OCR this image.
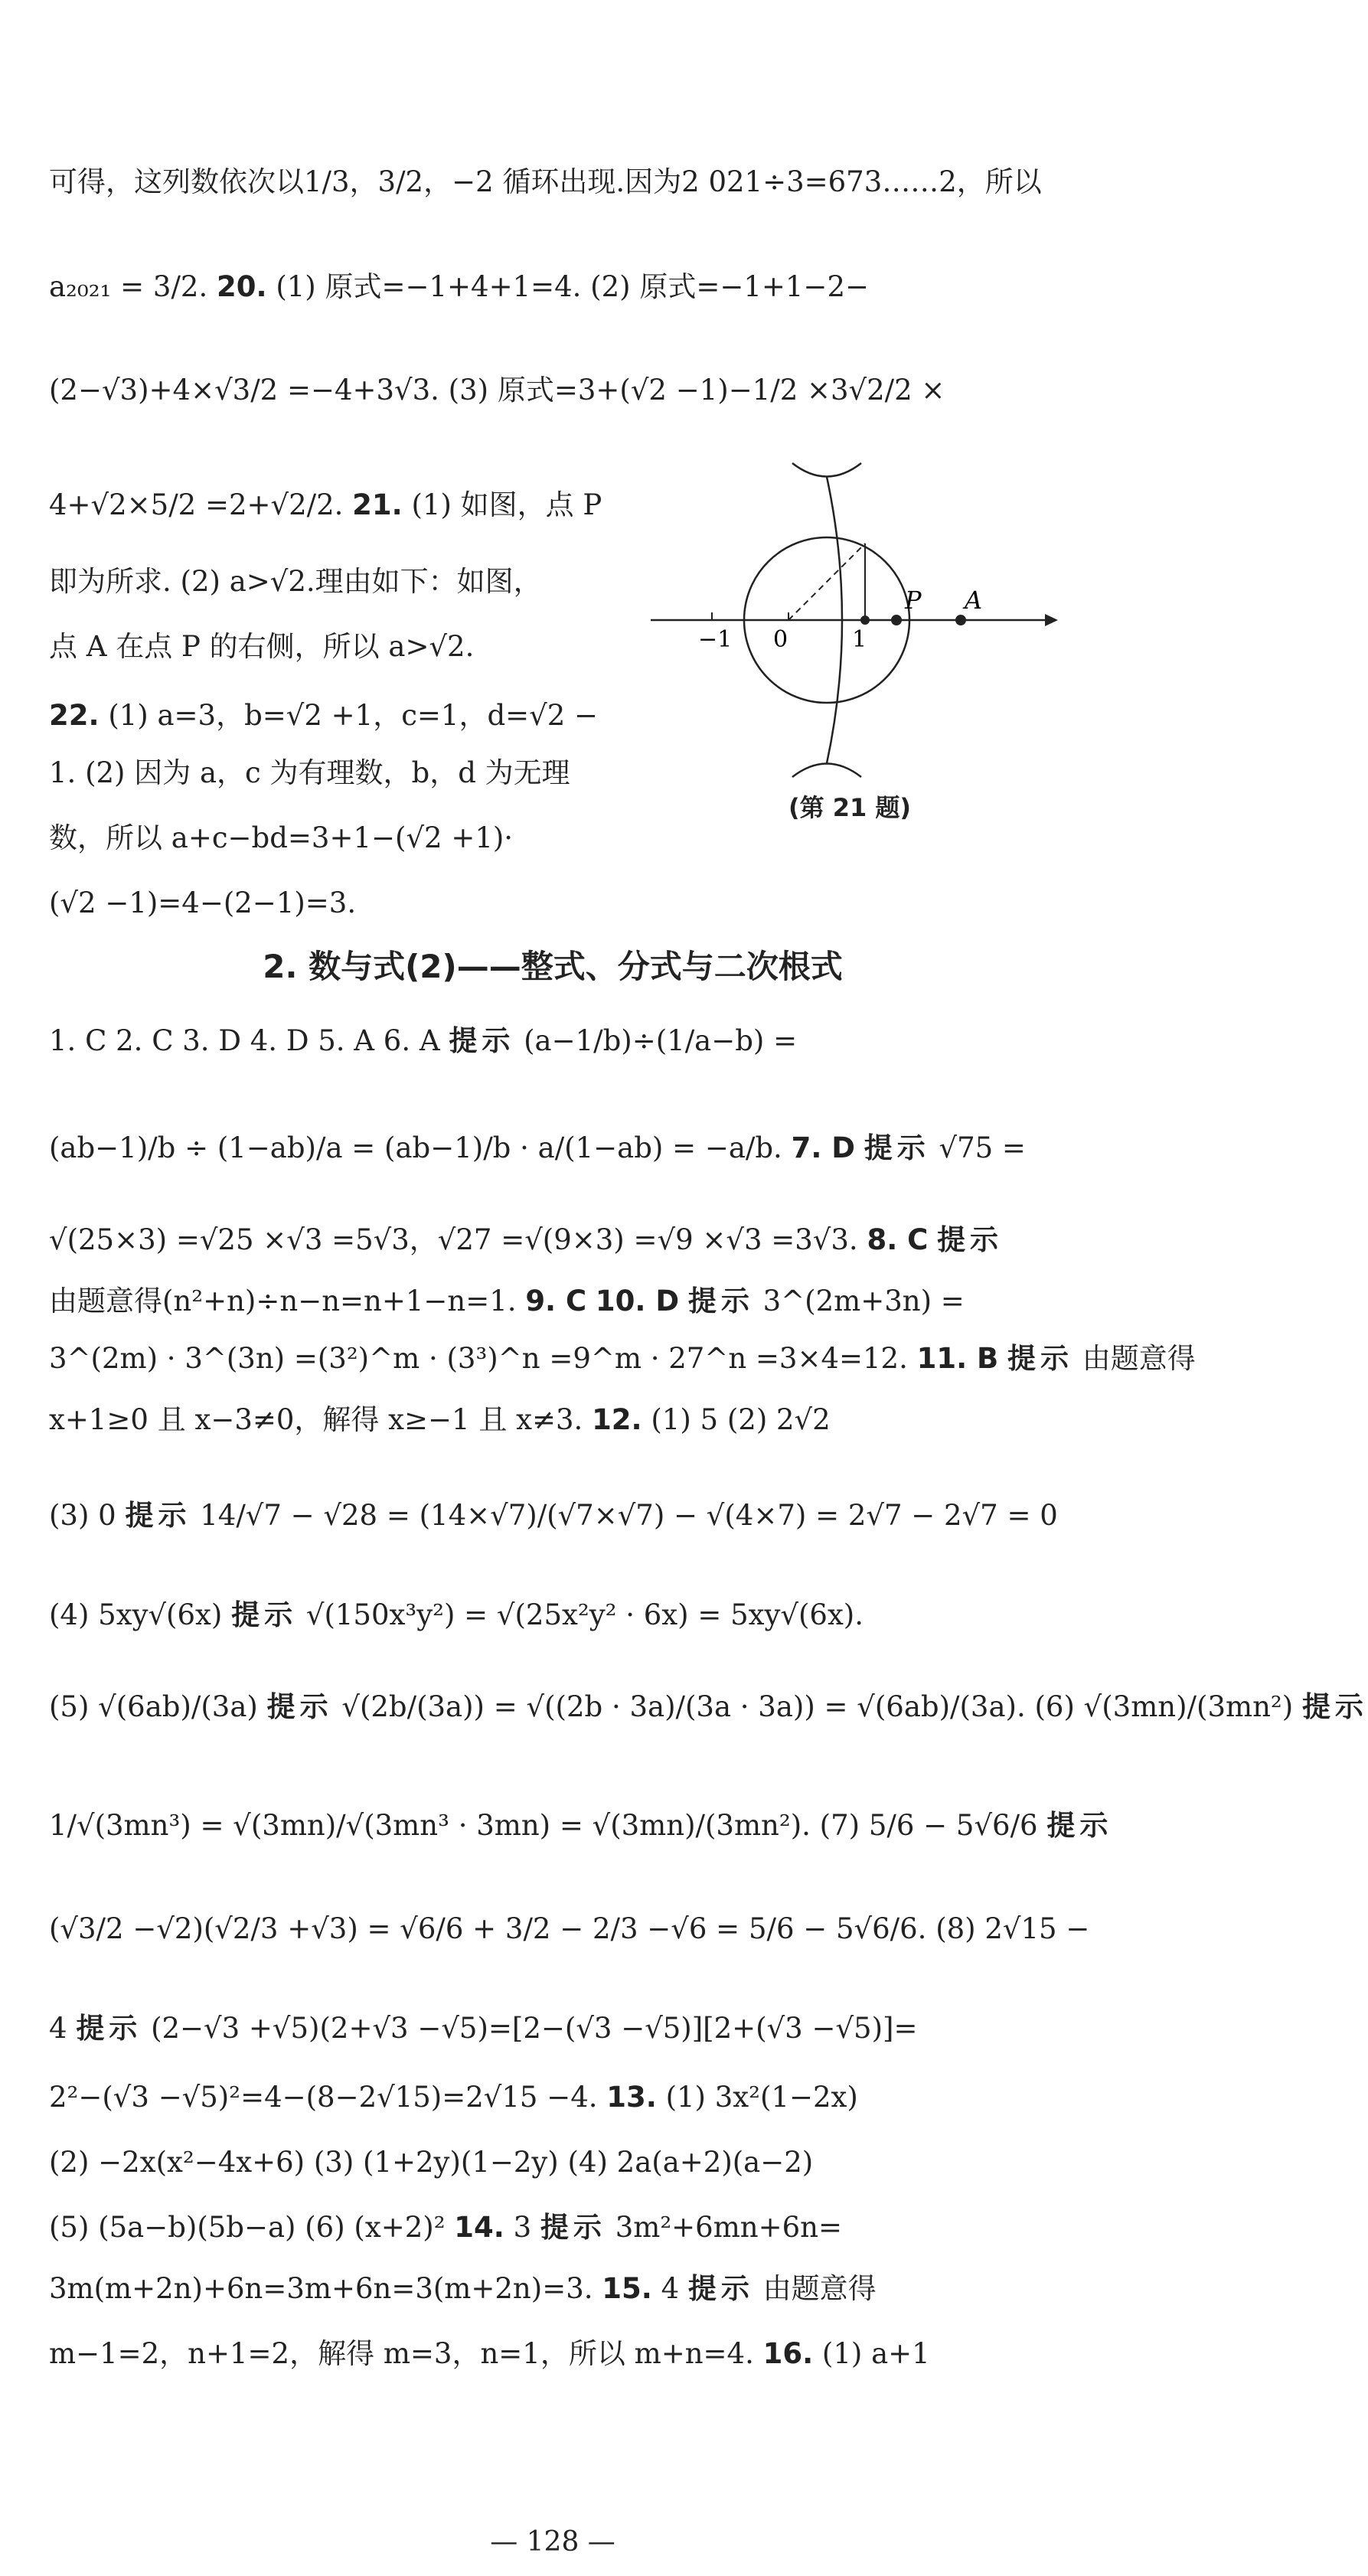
可得，这列数依次以1/3，3/2，−2 循环出现.因为2 021÷3=673……2，所以
a₂₀₂₁ = 3/2. 20. (1) 原式=−1+4+1=4. (2) 原式=−1+1−2−
(2−√3)+4×√3/2 =−4+3√3. (3) 原式=3+(√2 −1)−1/2 ×3√2/2 ×
4+√2×5/2 =2+√2/2. 21. (1) 如图，点 P
即为所求. (2) a>√2.理由如下：如图，
点 A 在点 P 的右侧，所以 a>√2.
22. (1) a=3，b=√2 +1，c=1，d=√2 −
1. (2) 因为 a，c 为有理数，b，d 为无理
数，所以 a+c−bd=3+1−(√2 +1)·
(√2 −1)=4−(2−1)=3.
−1 0	1
P A
(第 21 题)
2. 数与式(2)——整式、分式与二次根式
1. C 2. C 3. D 4. D 5. A 6. A 提示 (a−1/b)÷(1/a−b) =
(ab−1)/b ÷ (1−ab)/a = (ab−1)/b · a/(1−ab) = −a/b. 7. D 提示 √75 =
√(25×3) =√25 ×√3 =5√3，√27 =√(9×3) =√9 ×√3 =3√3. 8. C 提示
由题意得(n²+n)÷n−n=n+1−n=1. 9. C 10. D 提示 3^(2m+3n) =
3^(2m) · 3^(3n) =(3²)^m · (3³)^n =9^m · 27^n =3×4=12. 11. B 提示 由题意得
x+1≥0 且 x−3≠0，解得 x≥−1 且 x≠3. 12. (1) 5 (2) 2√2
(3) 0 提示 14/√7 − √28 = (14×√7)/(√7×√7) − √(4×7) = 2√7 − 2√7 = 0
(4) 5xy√(6x) 提示 √(150x³y²) = √(25x²y² · 6x) = 5xy√(6x).
(5) √(6ab)/(3a) 提示 √(2b/(3a)) = √((2b · 3a)/(3a · 3a)) = √(6ab)/(3a). (6) √(3mn)/(3mn²) 提示
1/√(3mn³) = √(3mn)/√(3mn³ · 3mn) = √(3mn)/(3mn²). (7) 5/6 − 5√6/6 提示
(√3/2 −√2)(√2/3 +√3) = √6/6 + 3/2 − 2/3 −√6 = 5/6 − 5√6/6. (8) 2√15 −
4 提示 (2−√3 +√5)(2+√3 −√5)=[2−(√3 −√5)][2+(√3 −√5)]=
2²−(√3 −√5)²=4−(8−2√15)=2√15 −4. 13. (1) 3x²(1−2x)
(2) −2x(x²−4x+6) (3) (1+2y)(1−2y) (4) 2a(a+2)(a−2)
(5) (5a−b)(5b−a) (6) (x+2)² 14. 3 提示 3m²+6mn+6n=
3m(m+2n)+6n=3m+6n=3(m+2n)=3. 15. 4 提示 由题意得
m−1=2，n+1=2，解得 m=3，n=1，所以 m+n=4. 16. (1) a+1
— 128 —
